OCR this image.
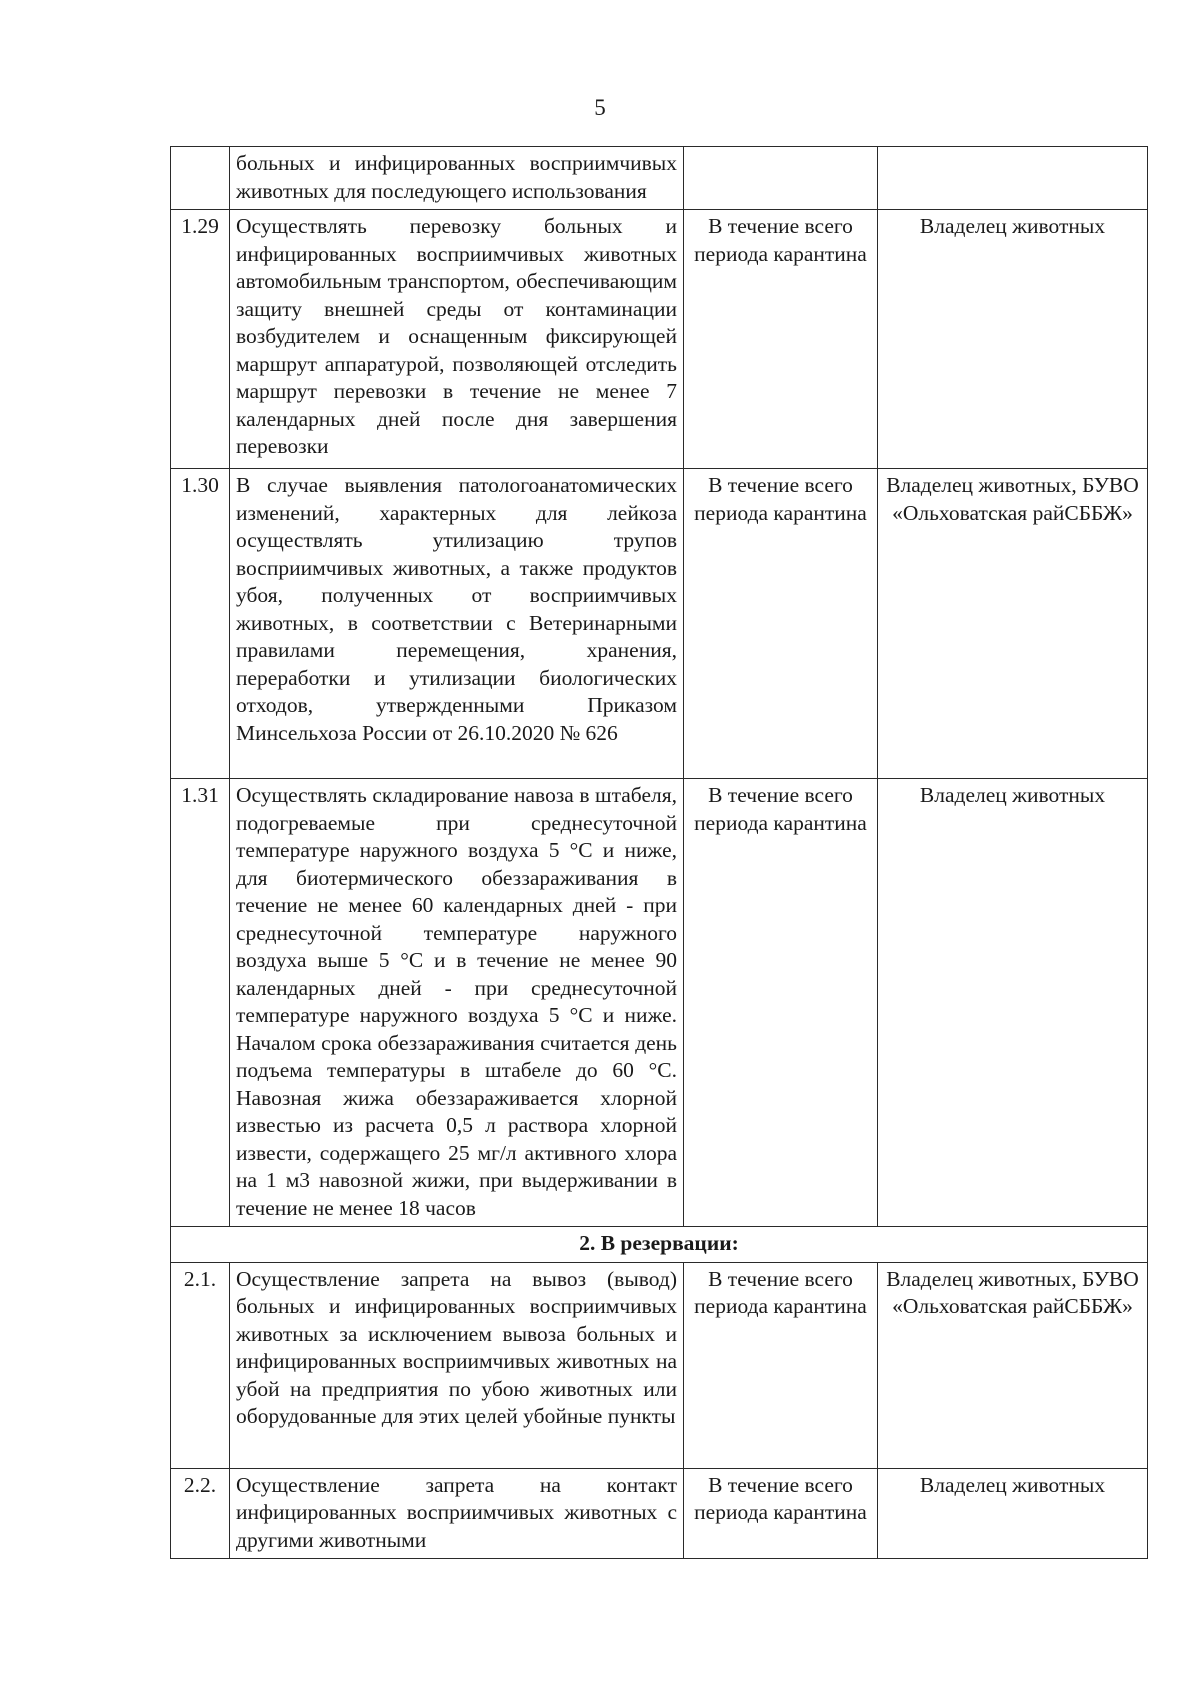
5
	больных и инфицированных восприимчивых животных для последующего использования		
1.29	Осуществлять перевозку больных и инфицированных восприимчивых животных автомобильным транспортом, обеспечивающим защиту внешней среды от контаминации возбудителем и оснащенным фиксирующей маршрут аппаратурой, позволяющей отследить маршрут перевозки в течение не менее 7 календарных дней после дня завершения перевозки	В течение всего периода карантина	Владелец животных
1.30	В случае выявления патологоанатомических изменений, характерных для лейкоза осуществлять утилизацию трупов восприимчивых животных, а также продуктов убоя, полученных от восприимчивых животных, в соответствии с Ветеринарными правилами перемещения, хранения, переработки и утилизации биологических отходов, утвержденными Приказом Минсельхоза России от 26.10.2020 № 626	В течение всего периода карантина	Владелец животных, БУВО «Ольховатская райСББЖ»
1.31	Осуществлять складирование навоза в штабеля, подогреваемые при среднесуточной температуре наружного воздуха 5 °С и ниже, для биотермического обеззараживания в течение не менее 60 календарных дней - при среднесуточной температуре наружного воздуха выше 5 °С и в течение не менее 90 календарных дней - при среднесуточной температуре наружного воздуха 5 °С и ниже. Началом срока обеззараживания считается день подъема температуры в штабеле до 60 °С. Навозная жижа обеззараживается хлорной известью из расчета 0,5 л раствора хлорной извести, содержащего 25 мг/л активного хлора на 1 м3 навозной жижи, при выдерживании в течение не менее 18 часов	В течение всего периода карантина	Владелец животных
2. В резервации:			
2.1.	Осуществление запрета на вывоз (вывод) больных и инфицированных восприимчивых животных за исключением вывоза больных и инфицированных восприимчивых животных на убой на предприятия по убою животных или оборудованные для этих целей убойные пункты	В течение всего периода карантина	Владелец животных, БУВО «Ольховатская райСББЖ»
2.2.	Осуществление запрета на контакт инфицированных восприимчивых животных с другими животными	В течение всего периода карантина	Владелец животных
